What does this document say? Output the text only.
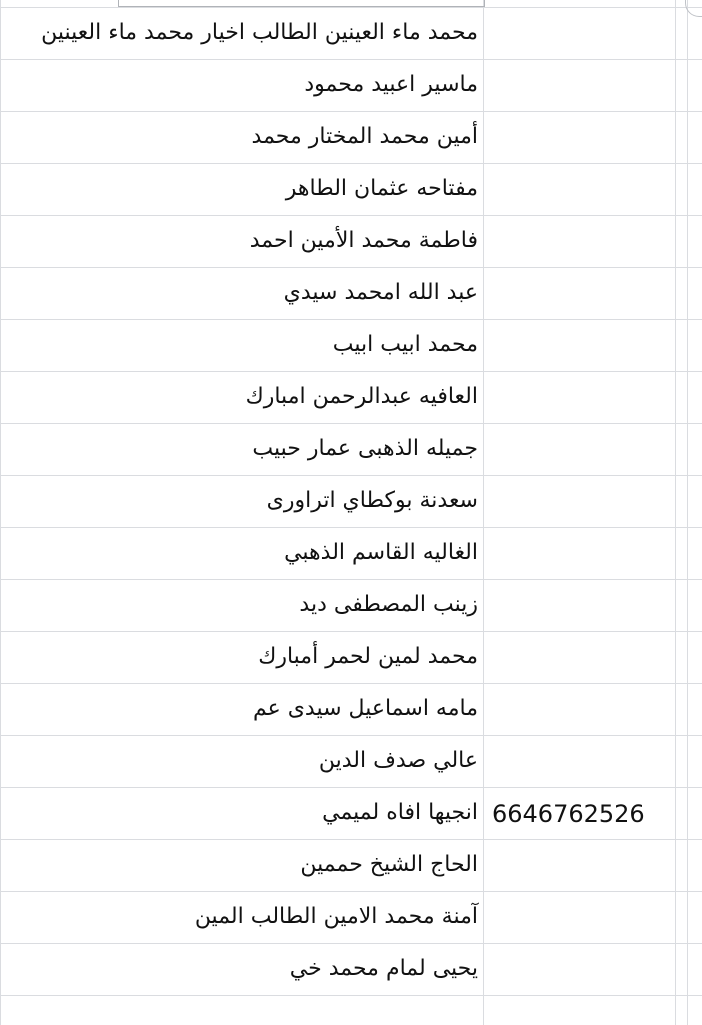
محمد ماء العينين الطالب اخيار محمد ماء العينين
ماسير اعبيد محمود
أمين محمد المختار محمد
مفتاحه عثمان الطاهر
فاطمة محمد الأمين احمد
عبد الله امحمد سيدي
محمد ابيب ابيب
العافيه عبدالرحمن امبارك
جميله الذهبى عمار حبيب
سعدنة بوكطاي اتراورى
الغاليه القاسم الذهبي
زينب المصطفى ديد
محمد لمين لحمر أمبارك
مامه اسماعيل سيدى عم
عالي صدف الدين
انجيها افاه لميمي 6646762526
الحاج الشيخ حممين
آمنة محمد الامين الطالب المين
يحيى لمام محمد خي
